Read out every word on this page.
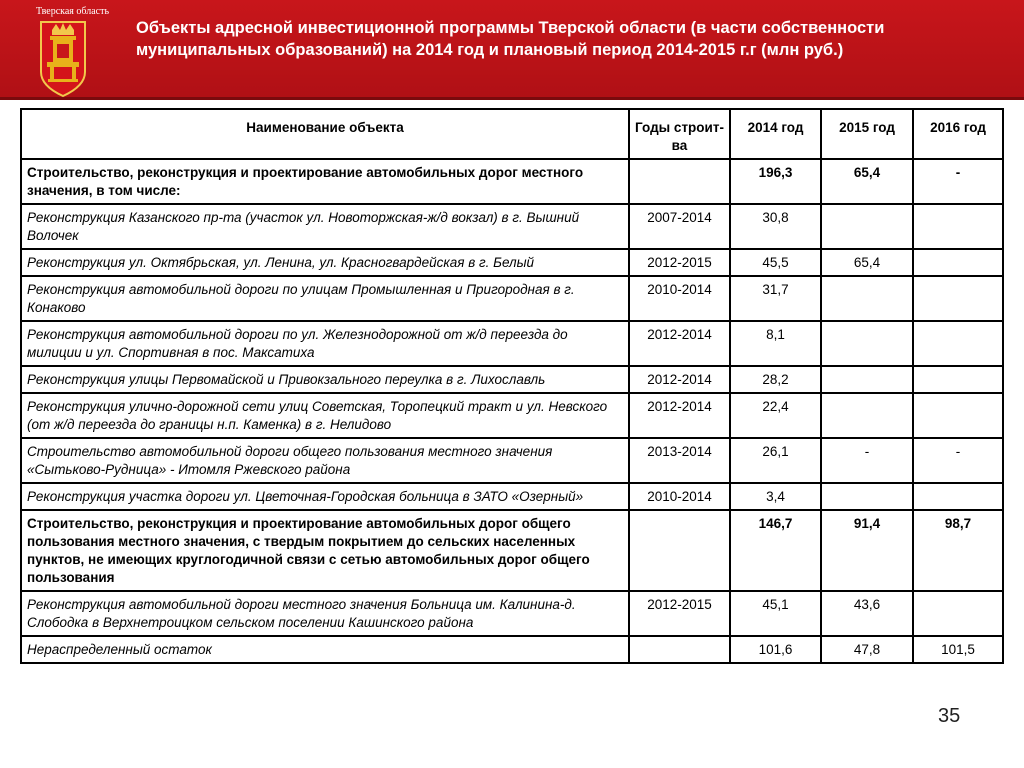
Тверская область
Объекты адресной инвестиционной программы Тверской области (в части собственности
муниципальных образований) на 2014 год и плановый период 2014-2015 г.г (млн руб.)
Наименование объекта	Годы строит-ва	2014 год	2015 год	2016 год
Строительство, реконструкция и проектирование автомобильных дорог местного значения, в том числе:		196,3	65,4	-
Реконструкция Казанского пр-та (участок ул. Новоторжская-ж/д вокзал) в г. Вышний Волочек	2007-2014	30,8		
Реконструкция ул. Октябрьская, ул. Ленина, ул. Красногвардейская в г. Белый	2012-2015	45,5	65,4	
Реконструкция автомобильной дороги по улицам Промышленная и Пригородная в г. Конаково	2010-2014	31,7		
Реконструкция автомобильной дороги по ул. Железнодорожной от ж/д переезда до милиции и ул. Спортивная в пос. Максатиха	2012-2014	8,1		
Реконструкция улицы Первомайской и Привокзального переулка в г. Лихославль	2012-2014	28,2		
Реконструкция улично-дорожной сети улиц Советская, Торопецкий тракт и ул. Невского (от ж/д переезда до границы н.п. Каменка) в г. Нелидово	2012-2014	22,4		
Строительство автомобильной дороги общего пользования местного значения «Сытьково-Рудница» - Итомля Ржевского района	2013-2014	26,1	-	-
Реконструкция участка дороги ул. Цветочная-Городская больница в ЗАТО «Озерный»	2010-2014	3,4		
Строительство, реконструкция и проектирование автомобильных дорог общего пользования местного значения, с твердым покрытием до сельских населенных пунктов, не имеющих круглогодичной связи с сетью автомобильных дорог общего пользования		146,7	91,4	98,7
Реконструкция автомобильной дороги местного значения Больница им. Калинина-д. Слободка в Верхнетроицком сельском поселении Кашинского района	2012-2015	45,1	43,6	
Нераспределенный остаток		101,6	47,8	101,5
35
